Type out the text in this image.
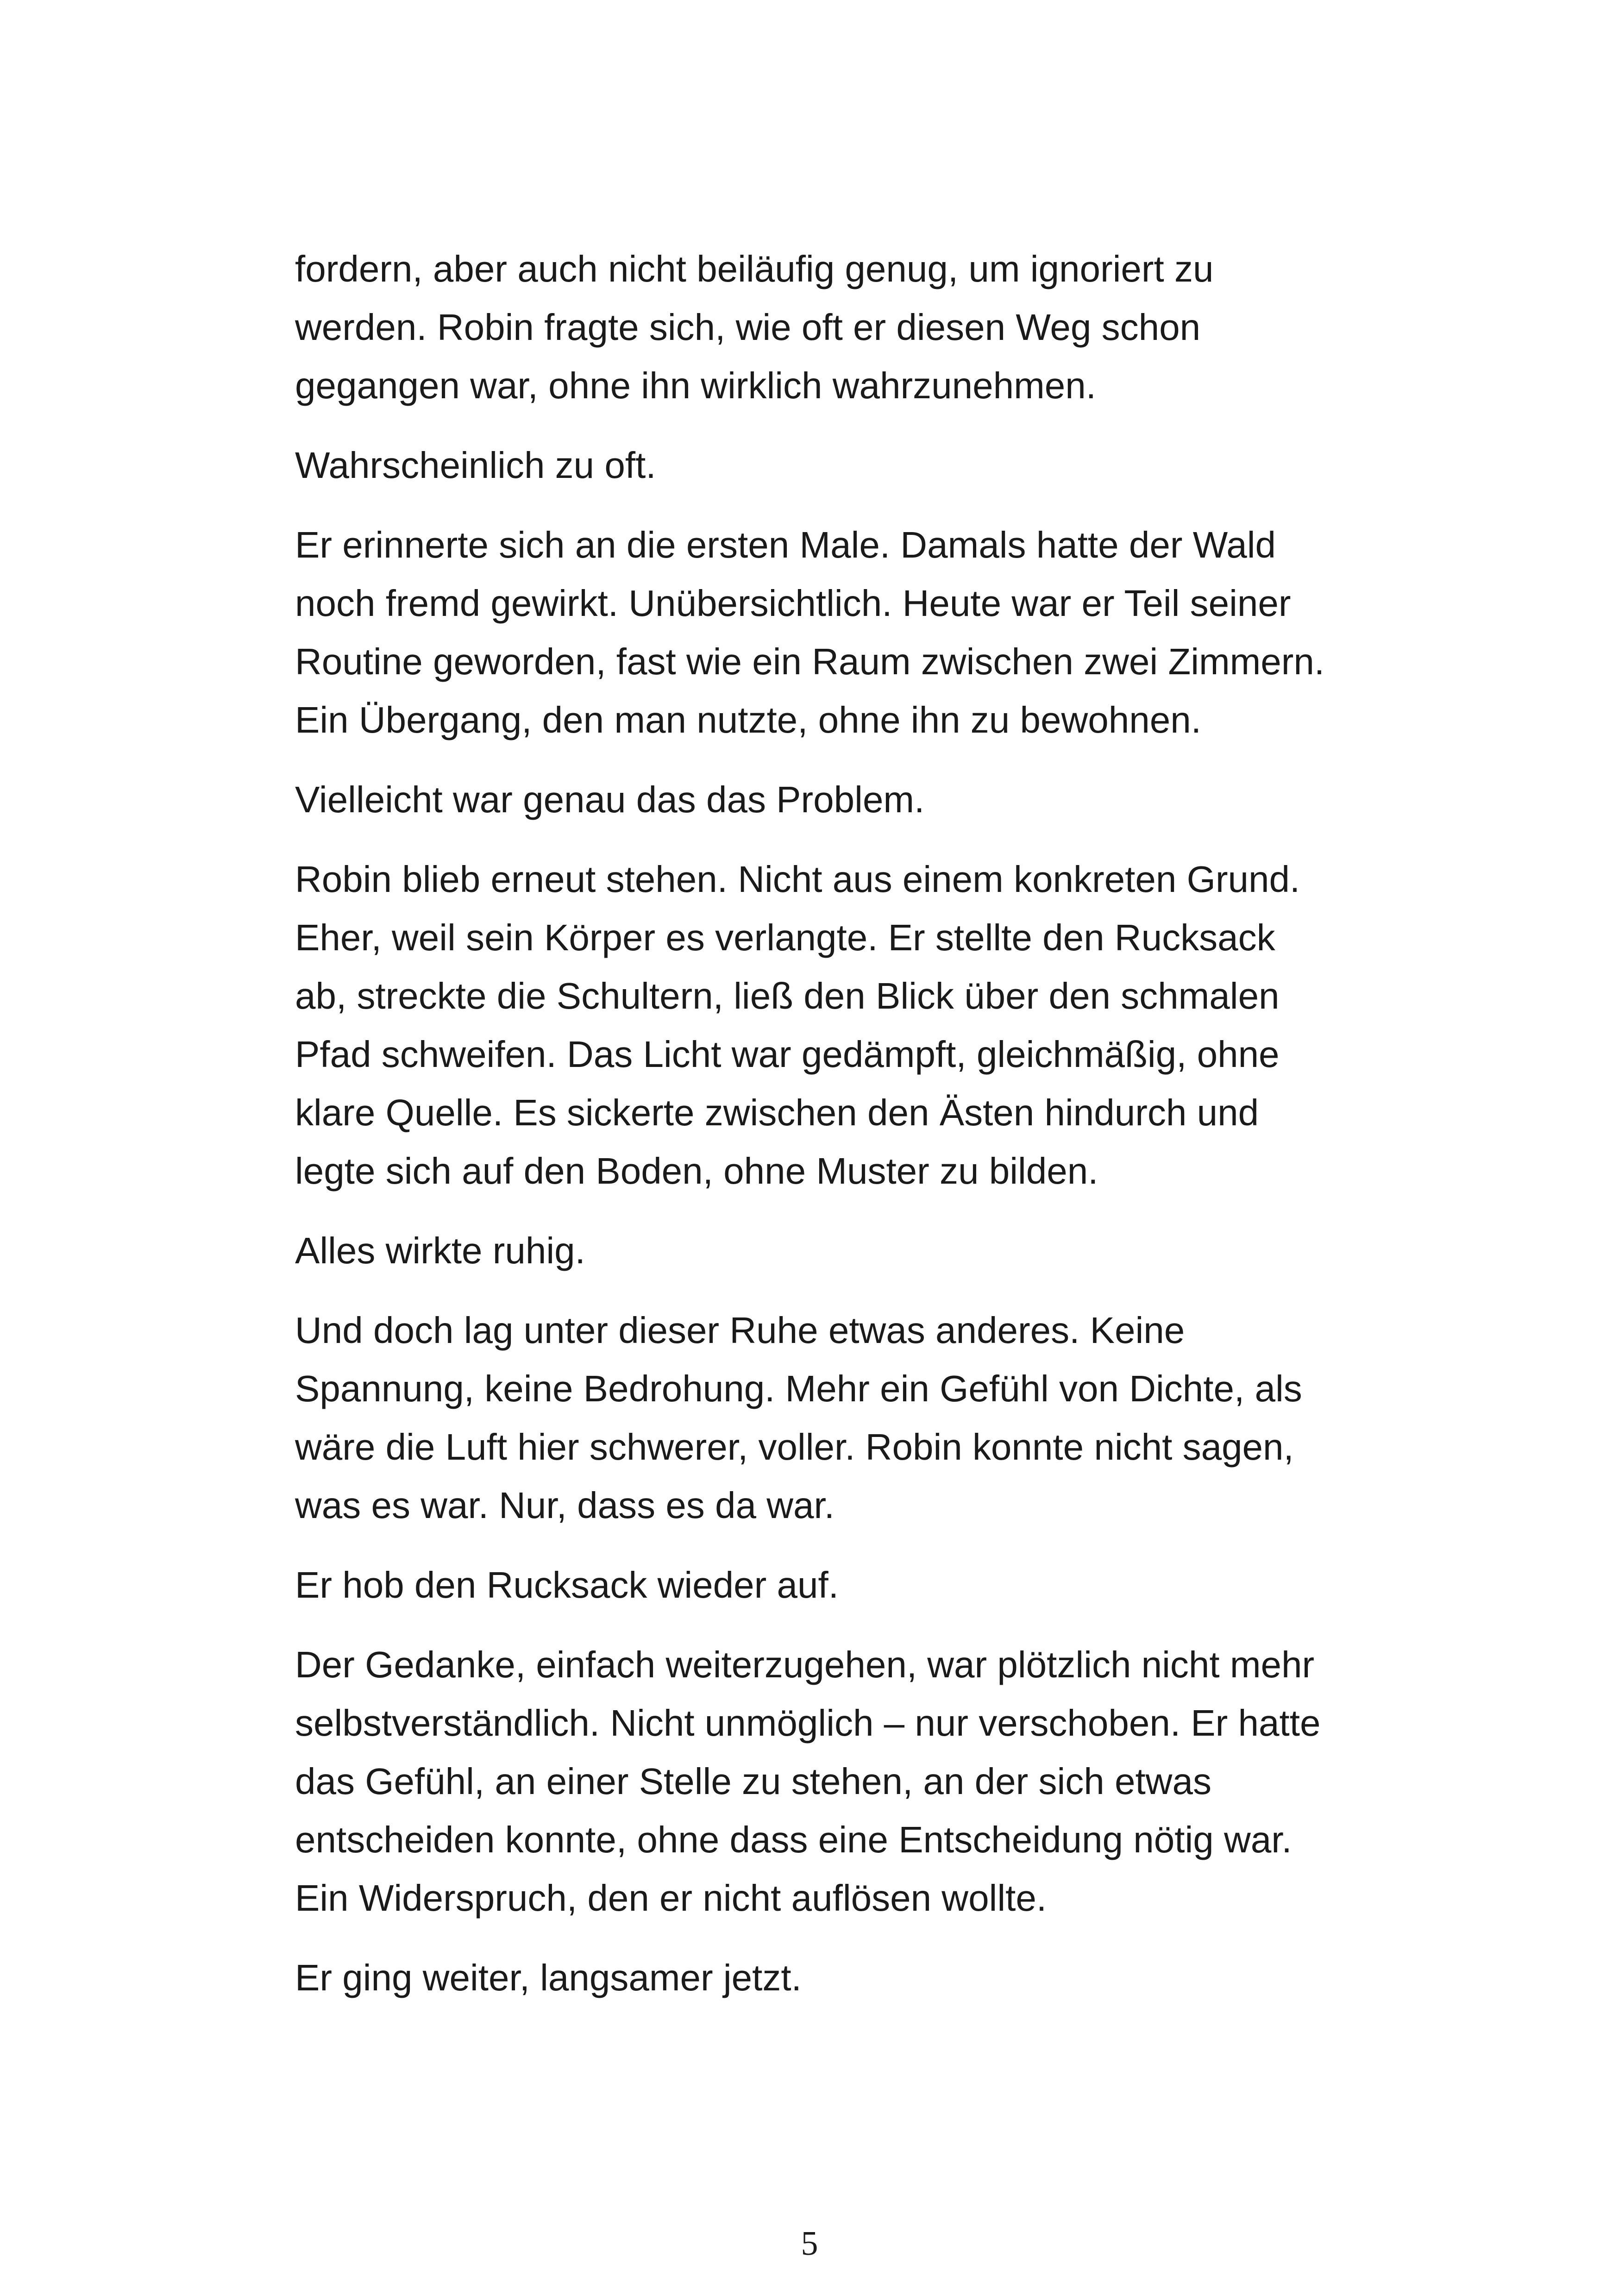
fordern, aber auch nicht beiläufig genug, um ignoriert zu
werden. Robin fragte sich, wie oft er diesen Weg schon
gegangen war, ohne ihn wirklich wahrzunehmen.

Wahrscheinlich zu oft.

Er erinnerte sich an die ersten Male. Damals hatte der Wald
noch fremd gewirkt. Unübersichtlich. Heute war er Teil seiner
Routine geworden, fast wie ein Raum zwischen zwei Zimmern.
Ein Übergang, den man nutzte, ohne ihn zu bewohnen.

Vielleicht war genau das das Problem.

Robin blieb erneut stehen. Nicht aus einem konkreten Grund.
Eher, weil sein Körper es verlangte. Er stellte den Rucksack
ab, streckte die Schultern, ließ den Blick über den schmalen
Pfad schweifen. Das Licht war gedämpft, gleichmäßig, ohne
klare Quelle. Es sickerte zwischen den Ästen hindurch und
legte sich auf den Boden, ohne Muster zu bilden.

Alles wirkte ruhig.

Und doch lag unter dieser Ruhe etwas anderes. Keine
Spannung, keine Bedrohung. Mehr ein Gefühl von Dichte, als
wäre die Luft hier schwerer, voller. Robin konnte nicht sagen,
was es war. Nur, dass es da war.

Er hob den Rucksack wieder auf.

Der Gedanke, einfach weiterzugehen, war plötzlich nicht mehr
selbstverständlich. Nicht unmöglich – nur verschoben. Er hatte
das Gefühl, an einer Stelle zu stehen, an der sich etwas
entscheiden konnte, ohne dass eine Entscheidung nötig war.
Ein Widerspruch, den er nicht auflösen wollte.

Er ging weiter, langsamer jetzt.

5
